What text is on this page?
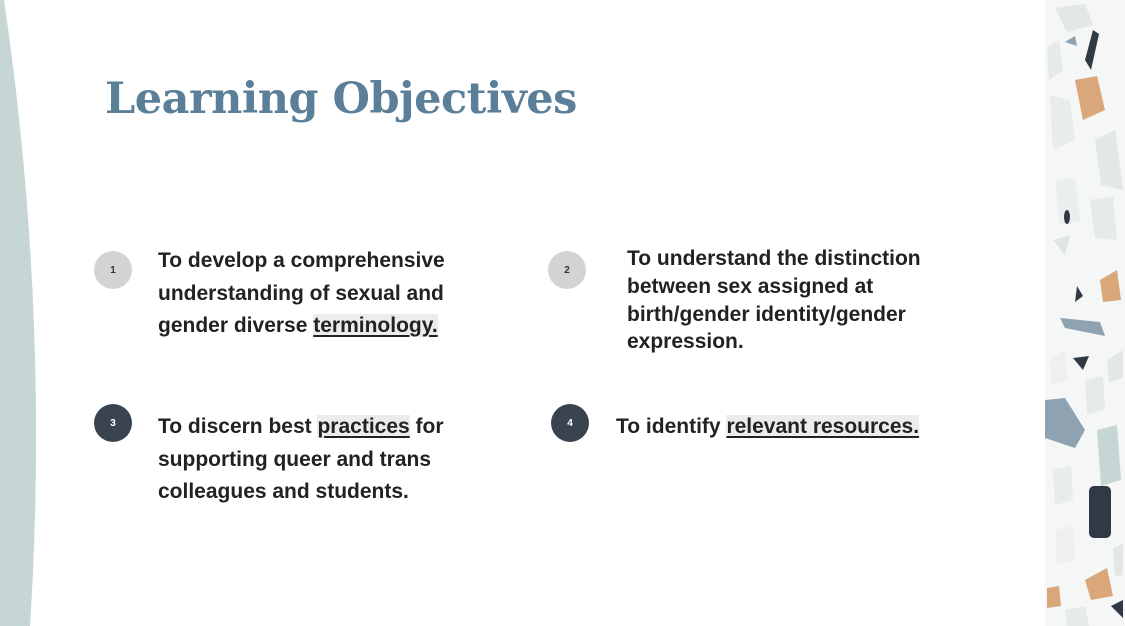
Learning Objectives
1 To develop a comprehensive understanding of sexual and gender diverse terminology.

2	To understand the distinction between sex assigned at birth/gender identity/gender expression.

3 To discern best practices for supporting queer and trans colleagues and students.

4 To identify relevant resources.
